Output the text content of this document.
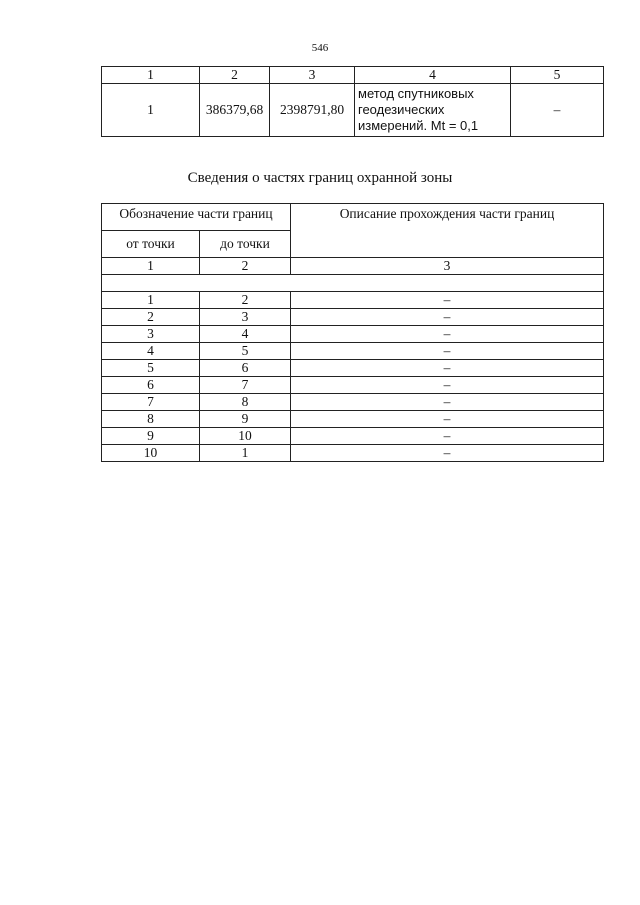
546
1	2	3	4	5
1	386379,68	2398791,80	метод спутниковых
геодезических
измерений. Mt = 0,1	–
Сведения о частях границ охранной зоны
Обозначение части границ		Описание прохождения части границ
от точки	до точки	
1	2	3

1	2	–
2	3	–
3	4	–
4	5	–
5	6	–
6	7	–
7	8	–
8	9	–
9	10	–
10	1	–
